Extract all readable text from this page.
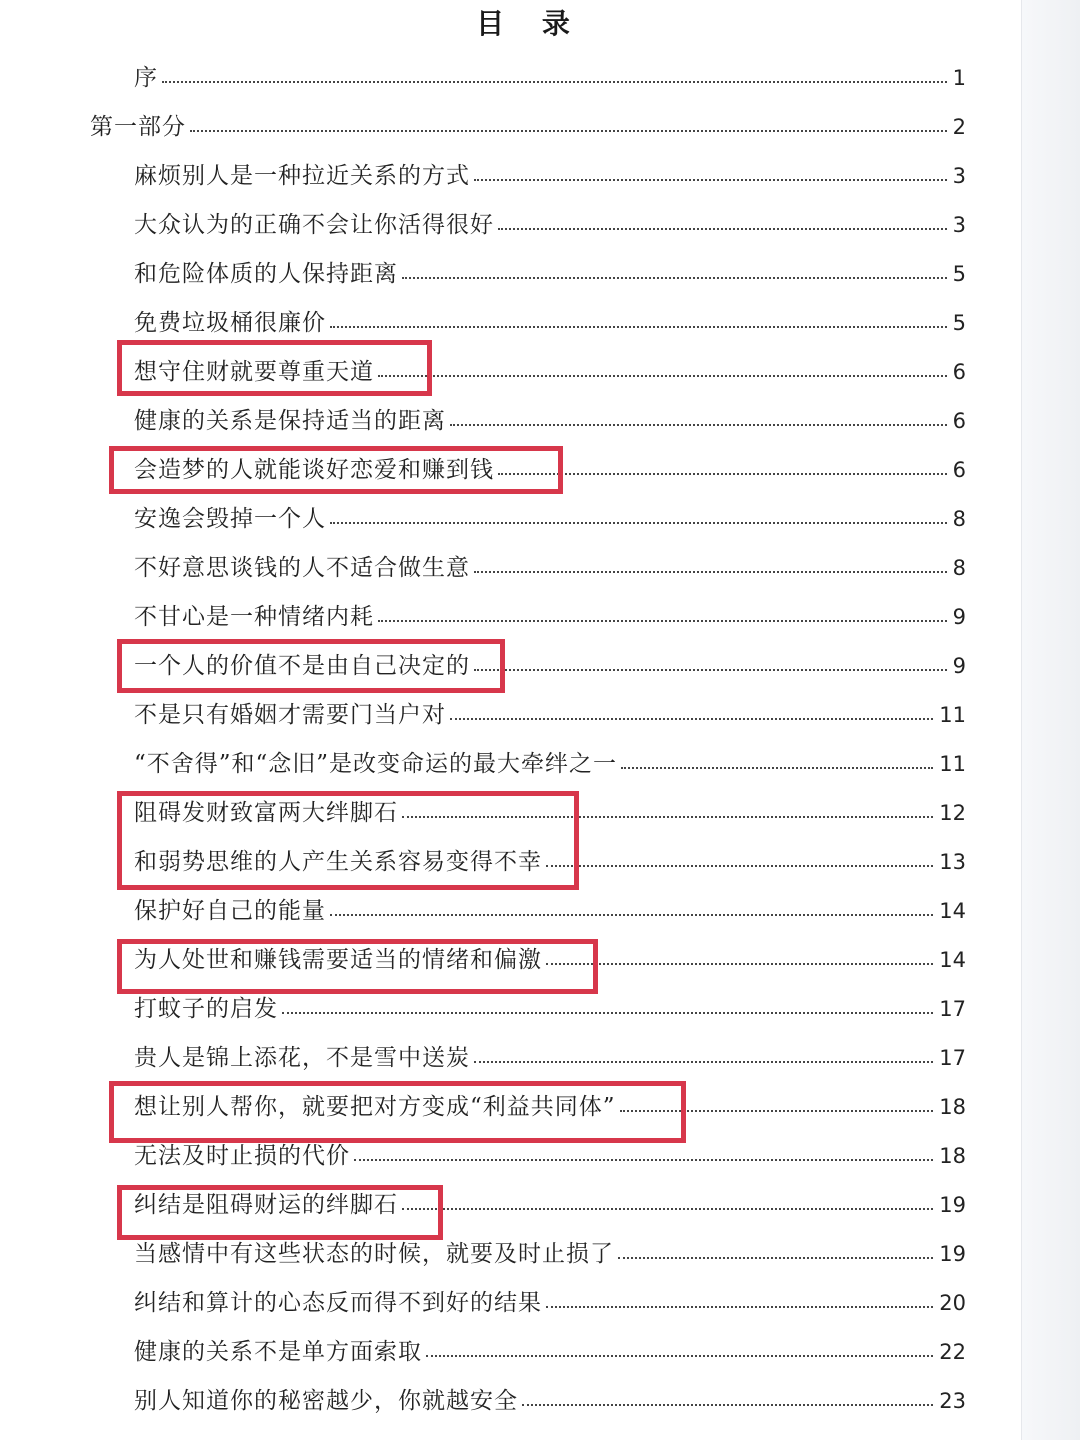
目 录
序	1
第一部分	2
麻烦别人是一种拉近关系的方式	3
大众认为的正确不会让你活得很好	3
和危险体质的人保持距离	5
免费垃圾桶很廉价	5
想守住财就要尊重天道	6
健康的关系是保持适当的距离	6
会造梦的人就能谈好恋爱和赚到钱	6
安逸会毁掉一个人	8
不好意思谈钱的人不适合做生意	8
不甘心是一种情绪内耗	9
一个人的价值不是由自己决定的	9
不是只有婚姻才需要门当户对	11
“不舍得”和“念旧”是改变命运的最大牵绊之一	11
阻碍发财致富两大绊脚石	12
和弱势思维的人产生关系容易变得不幸	13
保护好自己的能量	14
为人处世和赚钱需要适当的情绪和偏激	14
打蚊子的启发	17
贵人是锦上添花，不是雪中送炭	17
想让别人帮你，就要把对方变成“利益共同体”	18
无法及时止损的代价	18
纠结是阻碍财运的绊脚石	19
当感情中有这些状态的时候，就要及时止损了	19
纠结和算计的心态反而得不到好的结果	20
健康的关系不是单方面索取	22
别人知道你的秘密越少，你就越安全	23
